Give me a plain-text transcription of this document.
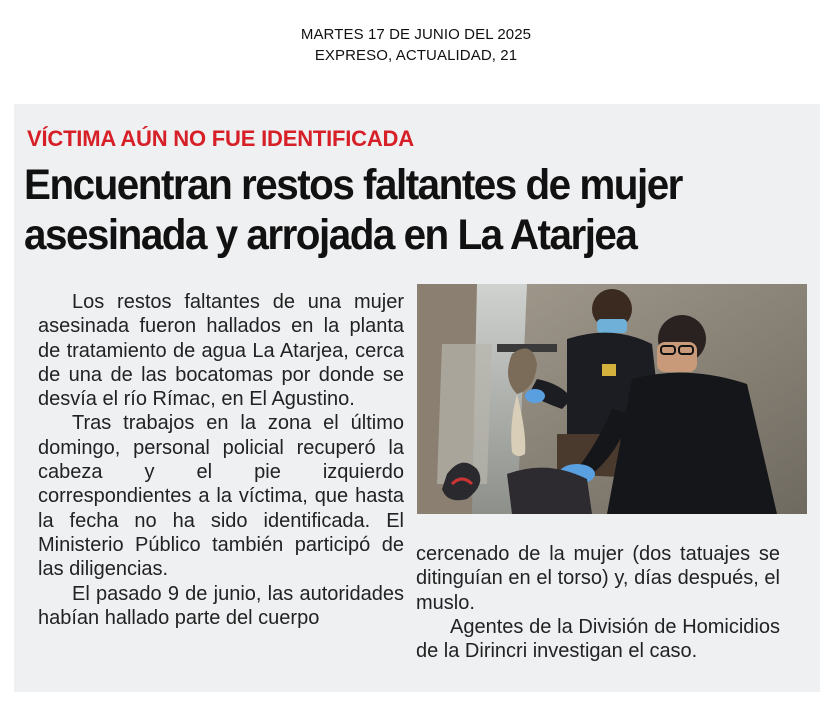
MARTES 17 DE JUNIO DEL 2025
EXPRESO, ACTUALIDAD, 21
VÍCTIMA AÚN NO FUE IDENTIFICADA
Encuentran restos faltantes de mujer asesinada y arrojada en La Atarjea

Los restos faltantes de una mujer asesinada fueron hallados en la planta de tratamiento de agua La Atarjea, cerca de una de las bocatomas por donde se desvía el río Rímac, en El Agustino.

Tras trabajos en la zona el último domingo, personal policial recuperó la cabeza y el pie izquierdo correspondientes a la víctima, que hasta la fecha no ha sido identificada. El Ministerio Público también participó de las diligencias.

El pasado 9 de junio, las autoridades habían hallado parte del cuerpo

cercenado de la mujer (dos tatuajes se ditinguían en el torso) y, días después, el muslo.

Agentes de la División de Homicidios de la Dirincri investigan el caso.
